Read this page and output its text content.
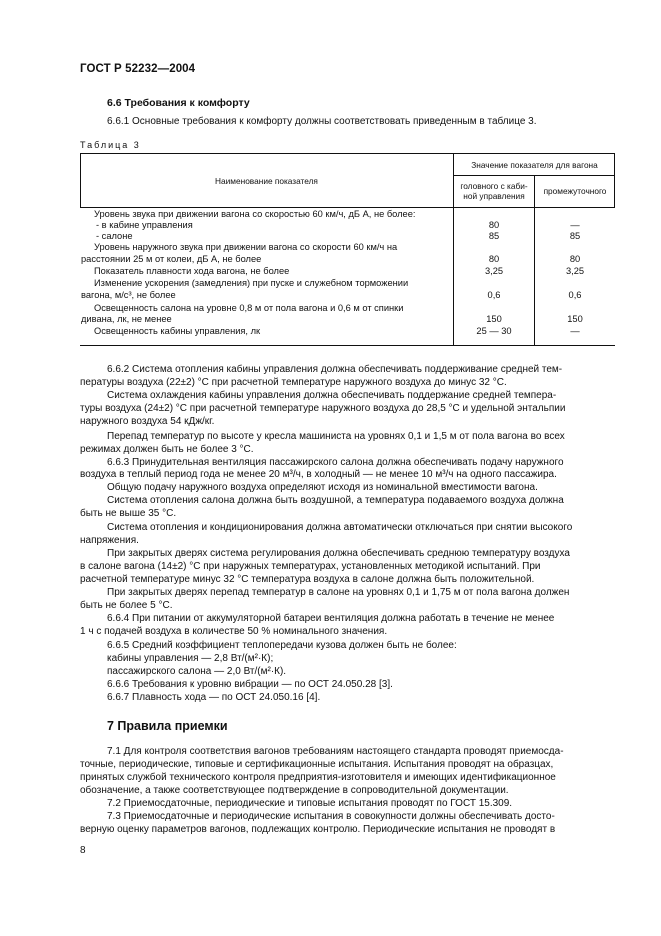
ГОСТ Р 52232—2004
6.6 Требования к комфорту
6.6.1 Основные требования к комфорту должны соответствовать приведенным в таблице 3.
Таблица 3
Наименование показателя
Значение показателя для вагона
головного с каби-
ной управления	промежуточного
Уровень звука при движении вагона со скоростью 60 км/ч, дБ A, не более:
- в кабине управления	80	—
- салоне	85	85
Уровень наружного звука при движении вагона со скорости 60 км/ч на
расстоянии 25 м от колеи, дБ A, не более	80	80
Показатель плавности хода вагона, не более	3,25	3,25
Изменение ускорения (замедления) при пуске и служебном торможении
вагона, м/с³, не более	0,6	0,6
Освещенность салона на уровне 0,8 м от пола вагона и 0,6 м от спинки
дивана, лк, не менее	150	150
Освещенность кабины управления, лк	25 — 30	—
6.6.2 Система отопления кабины управления должна обеспечивать поддерживание средней тем-
пературы воздуха (22±2) °С при расчетной температуре наружного воздуха до минус 32 °С.
Система охлаждения кабины управления должна обеспечивать поддержание средней темпера-
туры воздуха (24±2) °С при расчетной температуре наружного воздуха до 28,5 °С и удельной энтальпии
наружного воздуха 54 кДж/кг.
Перепад температур по высоте у кресла машиниста на уровнях 0,1 и 1,5 м от пола вагона во всех
режимах должен быть не более 3 °С.
6.6.3 Принудительная вентиляция пассажирского салона должна обеспечивать подачу наружного
воздуха в теплый период года не менее 20 м³/ч, в холодный — не менее 10 м³/ч на одного пассажира.
Общую подачу наружного воздуха определяют исходя из номинальной вместимости вагона.
Система отопления салона должна быть воздушной, а температура подаваемого воздуха должна
быть не выше 35 °С.
Система отопления и кондиционирования должна автоматически отключаться при снятии высокого
напряжения.
При закрытых дверях система регулирования должна обеспечивать среднюю температуру воздуха
в салоне вагона (14±2) °С при наружных температурах, установленных методикой испытаний. При
расчетной температуре минус 32 °С температура воздуха в салоне должна быть положительной.
При закрытых дверях перепад температур в салоне на уровнях 0,1 и 1,75 м от пола вагона должен
быть не более 5 °С.
6.6.4 При питании от аккумуляторной батареи вентиляция должна работать в течение не менее
1 ч с подачей воздуха в количестве 50 % номинального значения.
6.6.5 Средний коэффициент теплопередачи кузова должен быть не более:
кабины управления — 2,8 Вт/(м²·К);
пассажирского салона — 2,0 Вт/(м²·К).
6.6.6 Требования к уровню вибрации — по ОСТ 24.050.28 [3].
6.6.7 Плавность хода — по ОСТ 24.050.16 [4].
7 Правила приемки
7.1 Для контроля соответствия вагонов требованиям настоящего стандарта проводят приемосда-
точные, периодические, типовые и сертификационные испытания. Испытания проводят на образцах,
принятых службой технического контроля предприятия-изготовителя и имеющих идентификационное
обозначение, а также соответствующее подтверждение в сопроводительной документации.
7.2 Приемосдаточные, периодические и типовые испытания проводят по ГОСТ 15.309.
7.3 Приемосдаточные и периодические испытания в совокупности должны обеспечивать досто-
верную оценку параметров вагонов, подлежащих контролю. Периодические испытания не проводят в
8
